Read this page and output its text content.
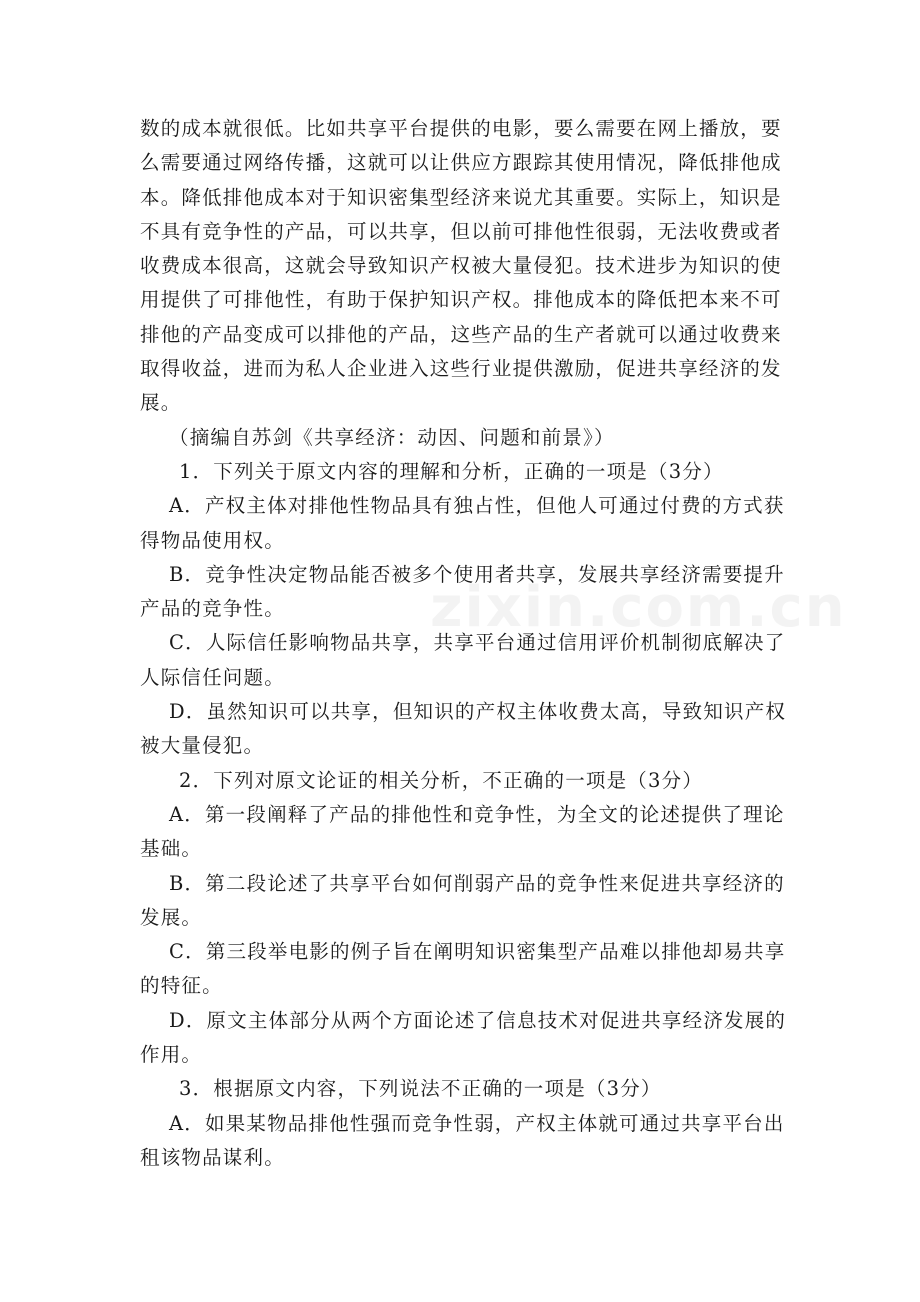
zixin.com.cn

数的成本就很低。比如共享平台提供的电影，要么需要在网上播放，要么需要通过网络传播，这就可以让供应方跟踪其使用情况，降低排他成本。降低排他成本对于知识密集型经济来说尤其重要。实际上，知识是不具有竞争性的产品，可以共享，但以前可排他性很弱，无法收费或者收费成本很高，这就会导致知识产权被大量侵犯。技术进步为知识的使用提供了可排他性，有助于保护知识产权。排他成本的降低把本来不可排他的产品变成可以排他的产品，这些产品的生产者就可以通过收费来取得收益，进而为私人企业进入这些行业提供激励，促进共享经济的发展。

（摘编自苏剑《共享经济：动因、问题和前景》）

1．下列关于原文内容的理解和分析，正确的一项是（3分）

A．产权主体对排他性物品具有独占性，但他人可通过付费的方式获得物品使用权。

B．竞争性决定物品能否被多个使用者共享，发展共享经济需要提升产品的竞争性。

C．人际信任影响物品共享，共享平台通过信用评价机制彻底解决了人际信任问题。

D．虽然知识可以共享，但知识的产权主体收费太高，导致知识产权被大量侵犯。

2．下列对原文论证的相关分析，不正确的一项是（3分）

A．第一段阐释了产品的排他性和竞争性，为全文的论述提供了理论基础。

B．第二段论述了共享平台如何削弱产品的竞争性来促进共享经济的发展。

C．第三段举电影的例子旨在阐明知识密集型产品难以排他却易共享的特征。

D．原文主体部分从两个方面论述了信息技术对促进共享经济发展的作用。

3．根据原文内容，下列说法不正确的一项是（3分）

A．如果某物品排他性强而竞争性弱，产权主体就可通过共享平台出租该物品谋利。
